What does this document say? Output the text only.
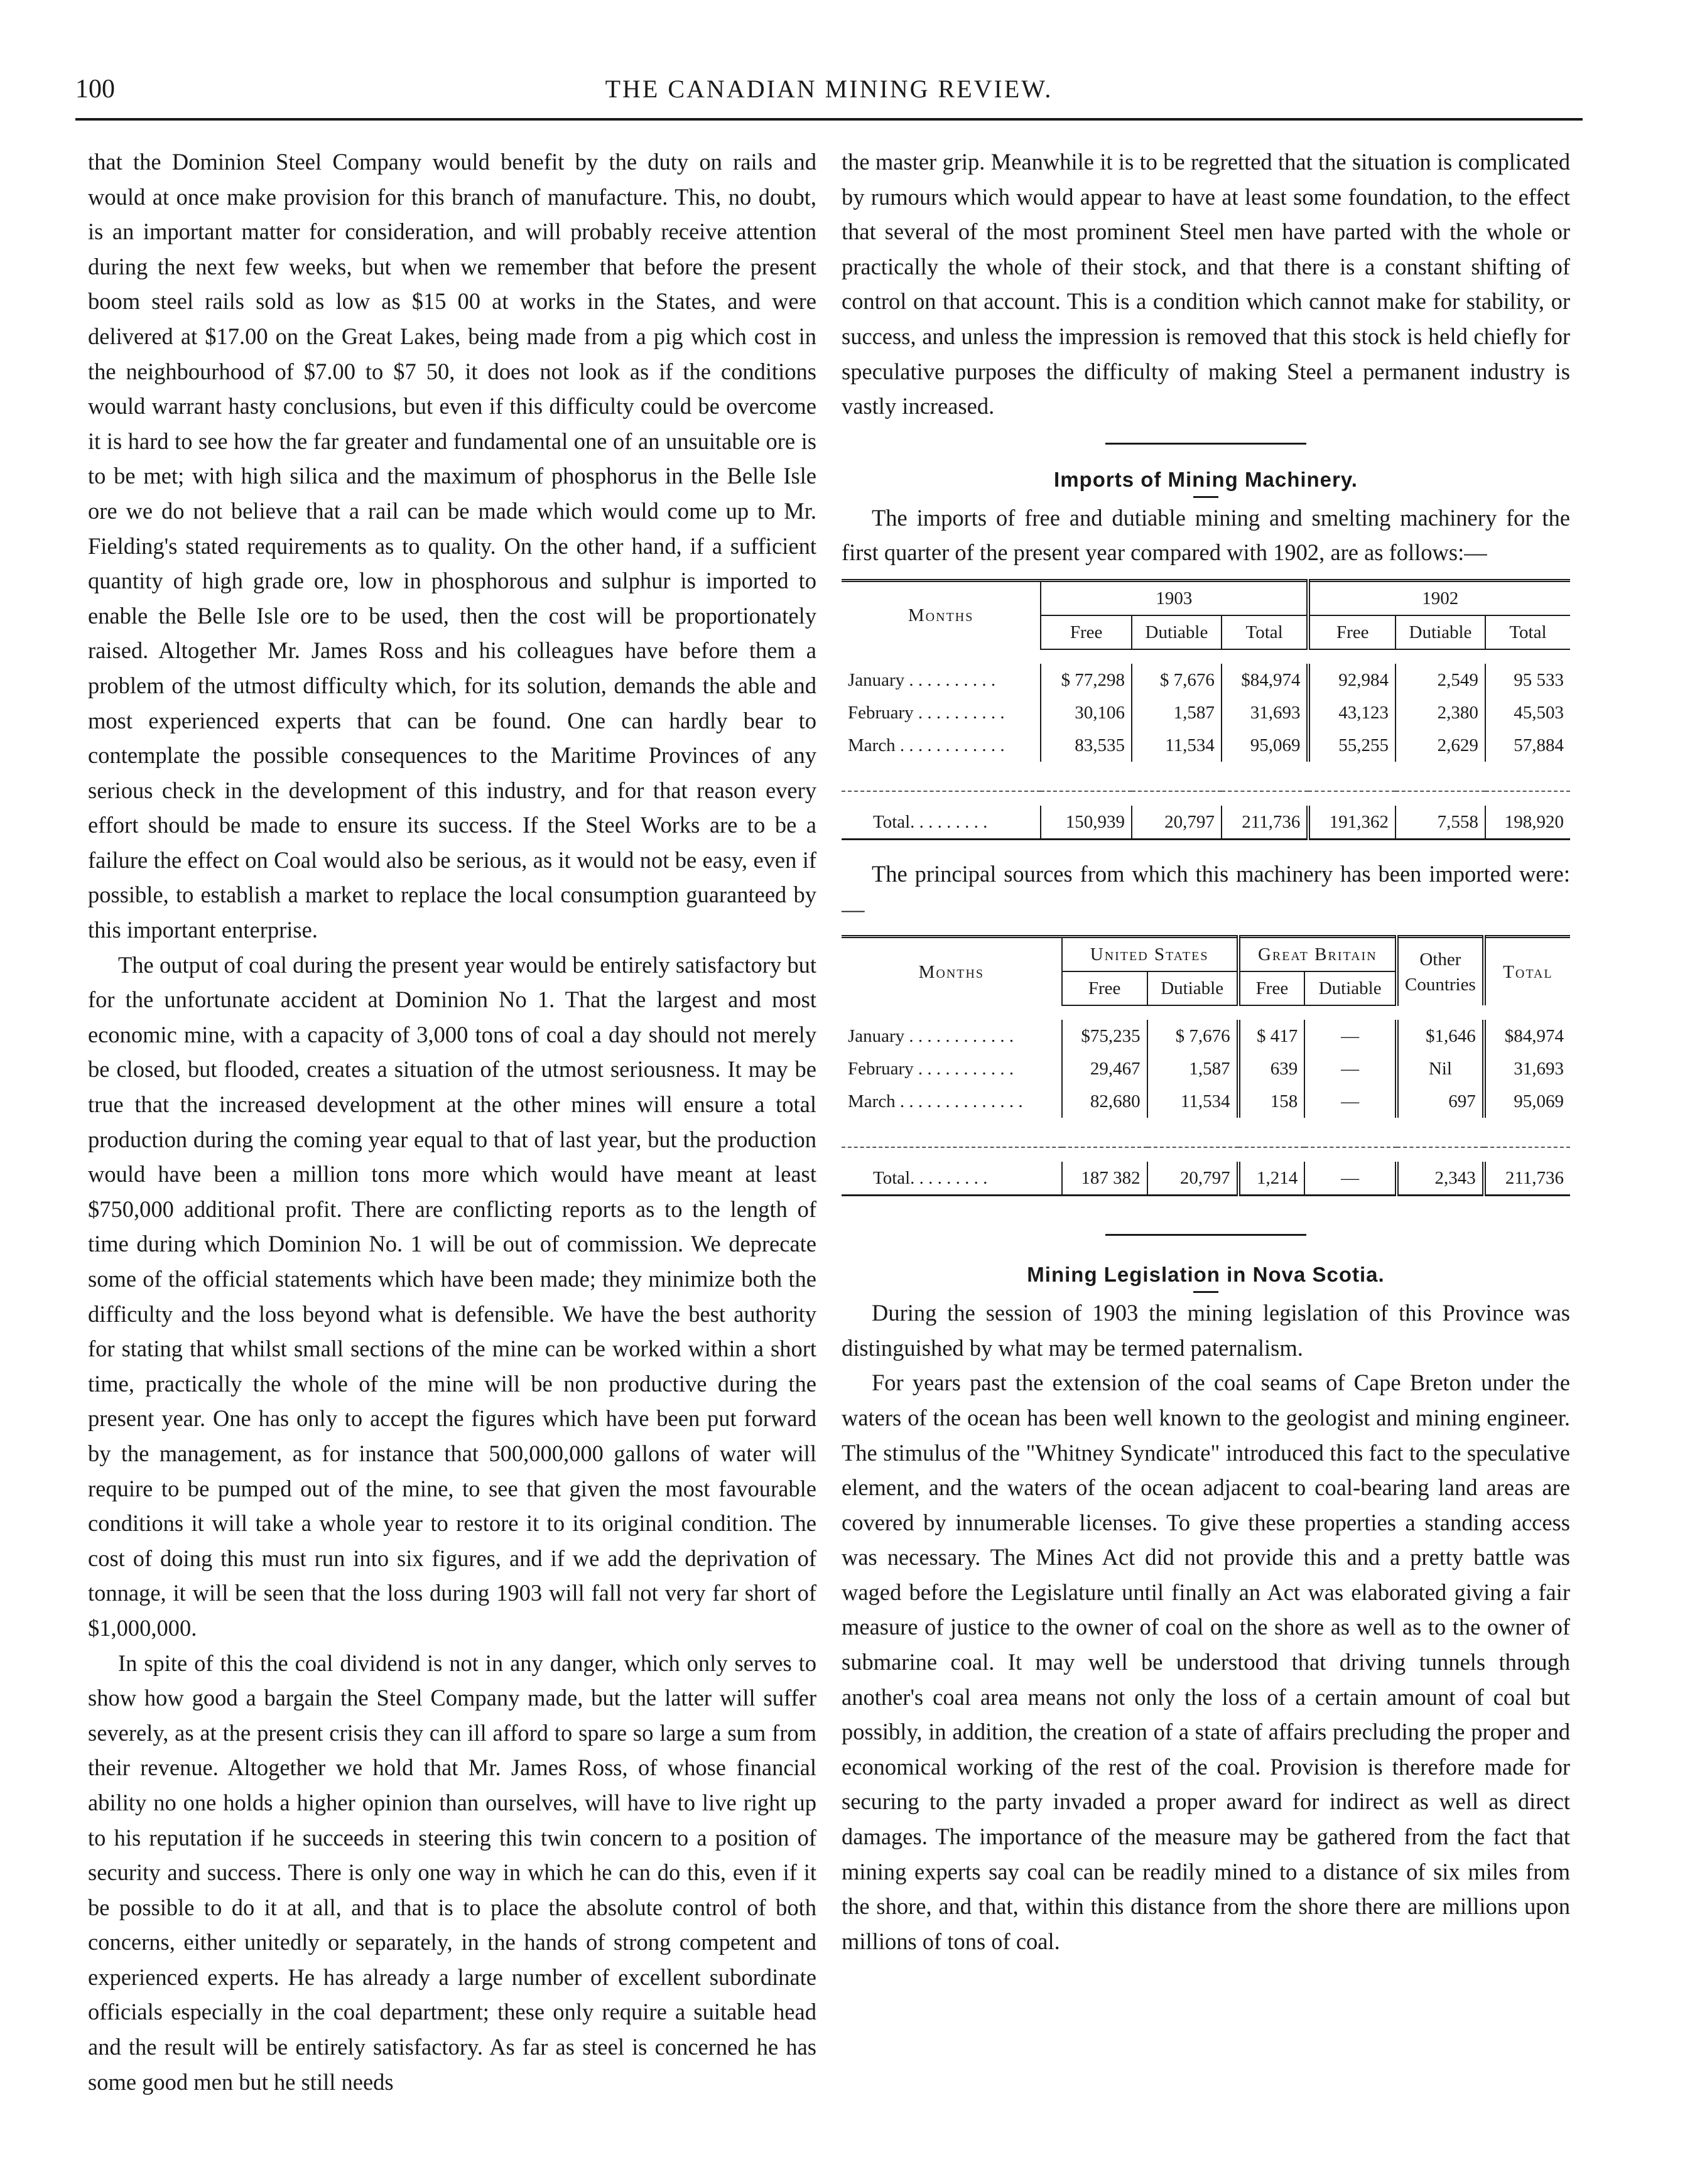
100	THE CANADIAN MINING REVIEW.

that the Dominion Steel Company would benefit by the duty on rails and would at once make provision for this branch of manufacture. This, no doubt, is an important matter for consideration, and will probably receive attention during the next few weeks, but when we remember that before the present boom steel rails sold as low as $15 00 at works in the States, and were delivered at $17.00 on the Great Lakes, being made from a pig which cost in the neighbourhood of $7.00 to $7 50, it does not look as if the conditions would warrant hasty conclusions, but even if this difficulty could be overcome it is hard to see how the far greater and fundamental one of an unsuitable ore is to be met; with high silica and the maximum of phosphorus in the Belle Isle ore we do not believe that a rail can be made which would come up to Mr. Fielding's stated requirements as to quality. On the other hand, if a sufficient quantity of high grade ore, low in phosphorous and sulphur is imported to enable the Belle Isle ore to be used, then the cost will be proportionately raised. Altogether Mr. James Ross and his colleagues have before them a problem of the utmost difficulty which, for its solution, demands the able and most experienced experts that can be found. One can hardly bear to contemplate the possible consequences to the Maritime Provinces of any serious check in the development of this industry, and for that reason every effort should be made to ensure its success. If the Steel Works are to be a failure the effect on Coal would also be serious, as it would not be easy, even if possible, to establish a market to replace the local consumption guaranteed by this important enterprise.

The output of coal during the present year would be entirely satisfactory but for the unfortunate accident at Dominion No 1. That the largest and most economic mine, with a capacity of 3,000 tons of coal a day should not merely be closed, but flooded, creates a situation of the utmost seriousness. It may be true that the increased development at the other mines will ensure a total production during the coming year equal to that of last year, but the production would have been a million tons more which would have meant at least $750,000 additional profit. There are conflicting reports as to the length of time during which Dominion No. 1 will be out of commission. We deprecate some of the official statements which have been made; they minimize both the difficulty and the loss beyond what is defensible. We have the best authority for stating that whilst small sections of the mine can be worked within a short time, practically the whole of the mine will be non productive during the present year. One has only to accept the figures which have been put forward by the management, as for instance that 500,000,000 gallons of water will require to be pumped out of the mine, to see that given the most favourable conditions it will take a whole year to restore it to its original condition. The cost of doing this must run into six figures, and if we add the deprivation of tonnage, it will be seen that the loss during 1903 will fall not very far short of $1,000,000.

In spite of this the coal dividend is not in any danger, which only serves to show how good a bargain the Steel Company made, but the latter will suffer severely, as at the present crisis they can ill afford to spare so large a sum from their revenue. Altogether we hold that Mr. James Ross, of whose financial ability no one holds a higher opinion than ourselves, will have to live right up to his reputation if he succeeds in steering this twin concern to a position of security and success. There is only one way in which he can do this, even if it be possible to do it at all, and that is to place the absolute control of both concerns, either unitedly or separately, in the hands of strong competent and experienced experts. He has already a large number of excellent subordinate officials especially in the coal department; these only require a suitable head and the result will be entirely satisfactory. As far as steel is concerned he has some good men but he still needs

the master grip. Meanwhile it is to be regretted that the situation is complicated by rumours which would appear to have at least some foundation, to the effect that several of the most prominent Steel men have parted with the whole or practically the whole of their stock, and that there is a constant shifting of control on that account. This is a condition which cannot make for stability, or success, and unless the impression is removed that this stock is held chiefly for speculative purposes the difficulty of making Steel a permanent industry is vastly increased.

Imports of Mining Machinery.

The imports of free and dutiable mining and smelting machinery for the first quarter of the present year compared with 1902, are as follows:—

Months	1903			1902		
	Free	Dutiable	Total	Free	Dutiable	Total

January . . . . . . . . . .	$ 77,298	$ 7,676	$84,974	92,984	2,549	95 533
February . . . . . . . . . .	30,106	1,587	31,693	43,123	2,380	45,503
March . . . . . . . . . . . .	83,535	11,534	95,069	55,255	2,629	57,884

Total. . . . . . . . .	150,939	20,797	211,736	191,362	7,558	198,920

The principal sources from which this machinery has been imported were:—

Months	United States		Great Britain		Other Countries	Total
	Free	Dutiable	Free	Dutiable		

January . . . . . . . . . . . .	$75,235	$ 7,676	$ 417	—	$1,646	$84,974
February . . . . . . . . . . .	29,467	1,587	639	—	Nil	31,693
March . . . . . . . . . . . . . .	82,680	11,534	158	—	697	95,069

Total. . . . . . . . .	187 382	20,797	1,214	—	2,343	211,736
Mining Legislation in Nova Scotia.

During the session of 1903 the mining legislation of this Province was distinguished by what may be termed paternalism.

For years past the extension of the coal seams of Cape Breton under the waters of the ocean has been well known to the geologist and mining engineer. The stimulus of the "Whitney Syndicate" introduced this fact to the speculative element, and the waters of the ocean adjacent to coal-bearing land areas are covered by innumerable licenses. To give these properties a standing access was necessary. The Mines Act did not provide this and a pretty battle was waged before the Legislature until finally an Act was elaborated giving a fair measure of justice to the owner of coal on the shore as well as to the owner of submarine coal. It may well be understood that driving tunnels through another's coal area means not only the loss of a certain amount of coal but possibly, in addition, the creation of a state of affairs precluding the proper and economical working of the rest of the coal. Provision is therefore made for securing to the party invaded a proper award for indirect as well as direct damages. The importance of the measure may be gathered from the fact that mining experts say coal can be readily mined to a distance of six miles from the shore, and that, within this distance from the shore there are millions upon millions of tons of coal.
